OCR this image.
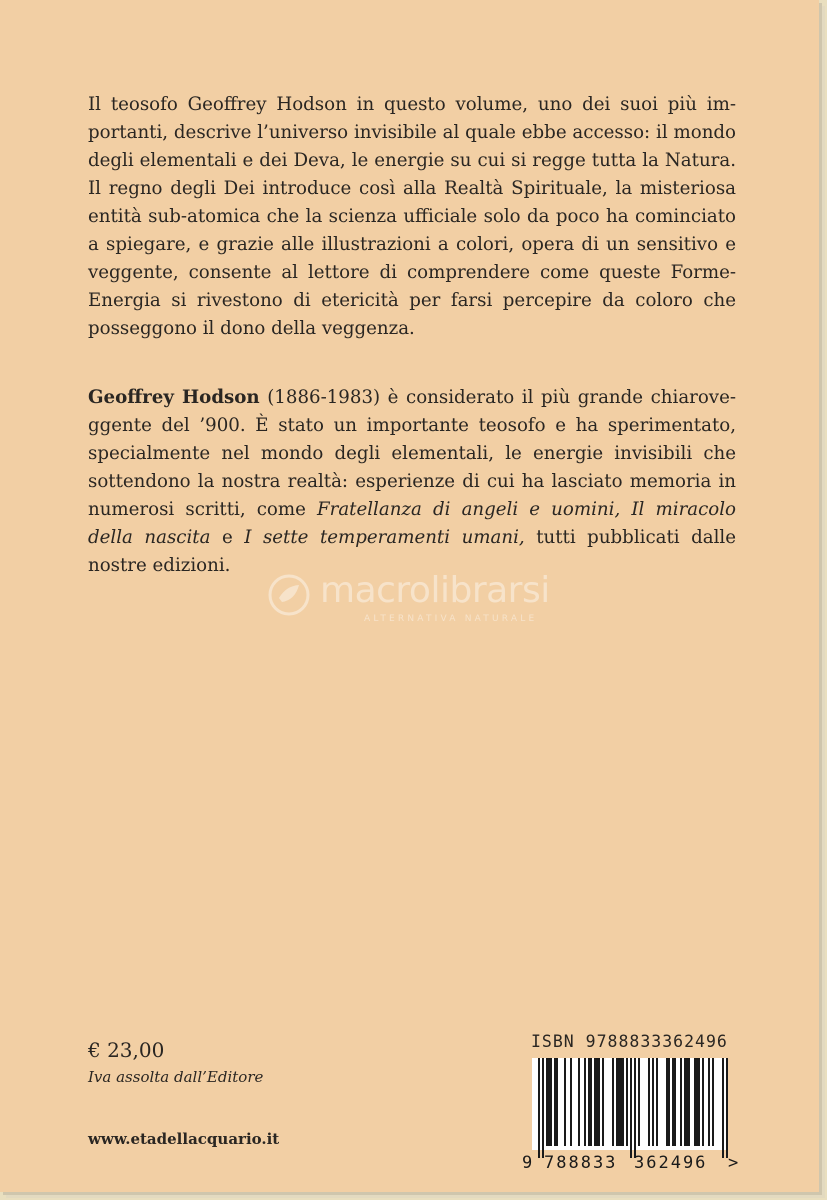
Il teosofo Geoffrey Hodson in questo volume, uno dei suoi più importanti, descrive l’universo invisibile al quale ebbe accesso: il mondo degli elementali e dei Deva, le energie su cui si regge tutta la Natura. Il regno degli Dei introduce così alla Realtà Spirituale, la misteriosa entità sub-atomica che la scienza ufficiale solo da poco ha cominciato a spiegare, e grazie alle illustrazioni a colori, opera di un sensitivo e veggente, consente al lettore di comprendere come queste Forme-Energia si rivestono di etericità per farsi percepire da coloro che posseggono il dono della veggenza.

Geoffrey Hodson (1886-1983) è considerato il più grande chiaroveggente del ’900. È stato un importante teosofo e ha sperimentato, specialmente nel mondo degli elementali, le energie invisibili che sottendono la nostra realtà: esperienze di cui ha lasciato memoria in numerosi scritti, come Fratellanza di angeli e uomini, Il miracolo della nascita e I sette temperamenti umani, tutti pubblicati dalle nostre edizioni.

macrolibrarsi
ALTERNATIVA NATURALE
€ 23,00
Iva assolta dall’Editore
www.etadellacquario.it
ISBN 9788833362496
9 788833 362496 >
